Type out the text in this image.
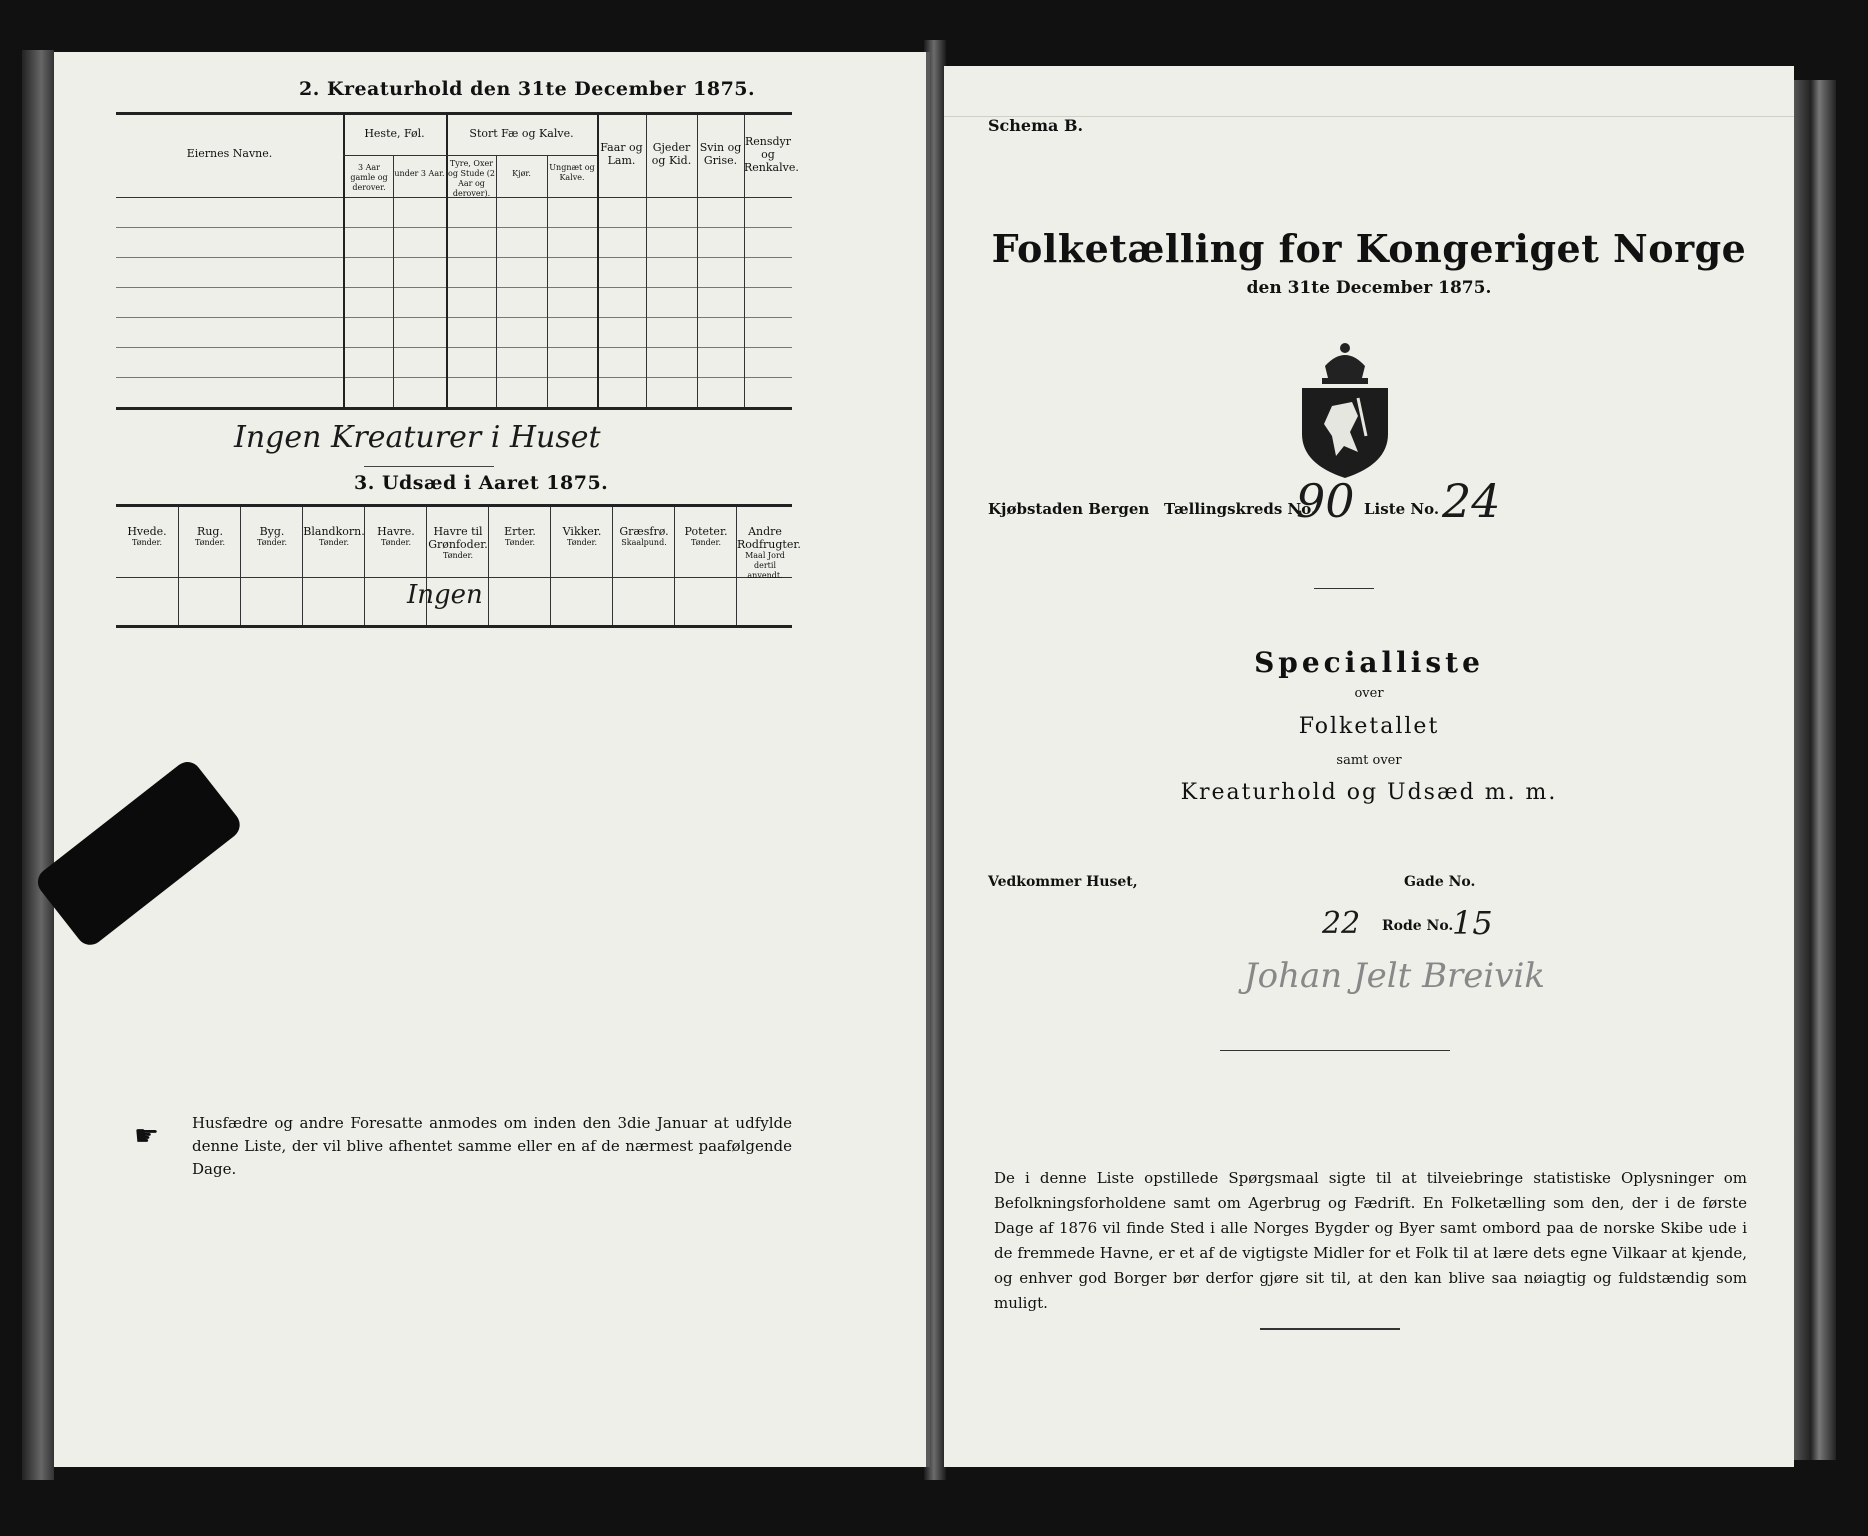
2. Kreaturhold den 31te December 1875.
Eiernes Navne.
Heste, Føl.
3 Aar gamle og derover.
under 3 Aar.
Stort Fæ og Kalve.
Tyre, Oxer og Stude (2 Aar og derover).
Kjør.
Ungnæt og Kalve.
Faar og Lam.
Gjeder og Kid.
Svin og Grise.
Rensdyr og Renkalve.
Ingen Kreaturer i Huset
3. Udsæd i Aaret 1875.
Hvede.
Tønder.
Rug.
Tønder.
Byg.
Tønder.
Blandkorn.
Tønder.
Havre.
Tønder.
Havre til Grønfoder.
Tønder.
Erter.
Tønder.
Vikker.
Tønder.
Græsfrø.
Skaalpund.
Poteter.
Tønder.
Andre Rodfrugter.
Maal Jord dertil anvendt.
Ingen
☛ Husfædre og andre Foresatte anmodes om inden den 3die Januar at udfylde denne Liste, der vil blive afhentet samme eller en af de nærmest paafølgende Dage.
Schema B.
Folketælling for Kongeriget Norge
den 31te December 1875.
Kjøbstaden Bergen Tællingskreds No.
90 Liste No. 24
Specialliste
over
Folketallet
samt over
Kreaturhold og Udsæd m. m.
Vedkommer Huset,	Gade No.
22 Rode No.
15
Johan Jelt Breivik
De i denne Liste opstillede Spørgsmaal sigte til at tilveiebringe statistiske Oplysninger om Befolkningsforholdene samt om Agerbrug og Fædrift. En Folketælling som den, der i de første Dage af 1876 vil finde Sted i alle Norges Bygder og Byer samt ombord paa de norske Skibe ude i de fremmede Havne, er et af de vigtigste Midler for et Folk til at lære dets egne Vilkaar at kjende, og enhver god Borger bør derfor gjøre sit til, at den kan blive saa nøiagtig og fuldstændig som muligt.
